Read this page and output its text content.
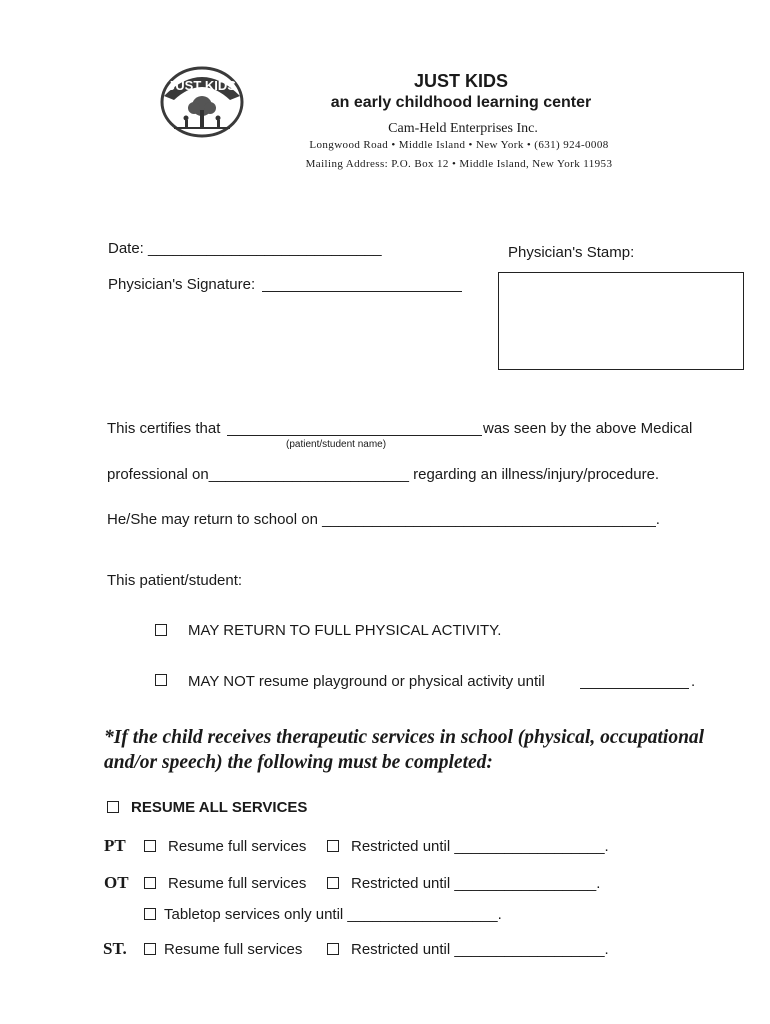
JUST KIDS	JUST KIDS
an early childhood learning center
Cam-Held Enterprises Inc.
Longwood Road • Middle Island • New York • (631) 924-0008
Mailing Address: P.O. Box 12 • Middle Island, New York 11953
Date: ____________________________	Physician's Stamp:
Physician's Signature:
This certifies that	was seen by the above Medical
(patient/student name)
professional on________________________ regarding an illness/injury/procedure.
He/She may return to school on ________________________________________.
This patient/student:
MAY RETURN TO FULL PHYSICAL ACTIVITY.
MAY NOT resume playground or physical activity until	.
*If the child receives therapeutic services in school (physical, occupational and/or speech) the following must be completed:
RESUME ALL SERVICES
PT	Resume full services	Restricted until __________________.
OT	Resume full services	Restricted until _________________.
Tabletop services only until __________________.
ST. Resume full services	Restricted until __________________.
